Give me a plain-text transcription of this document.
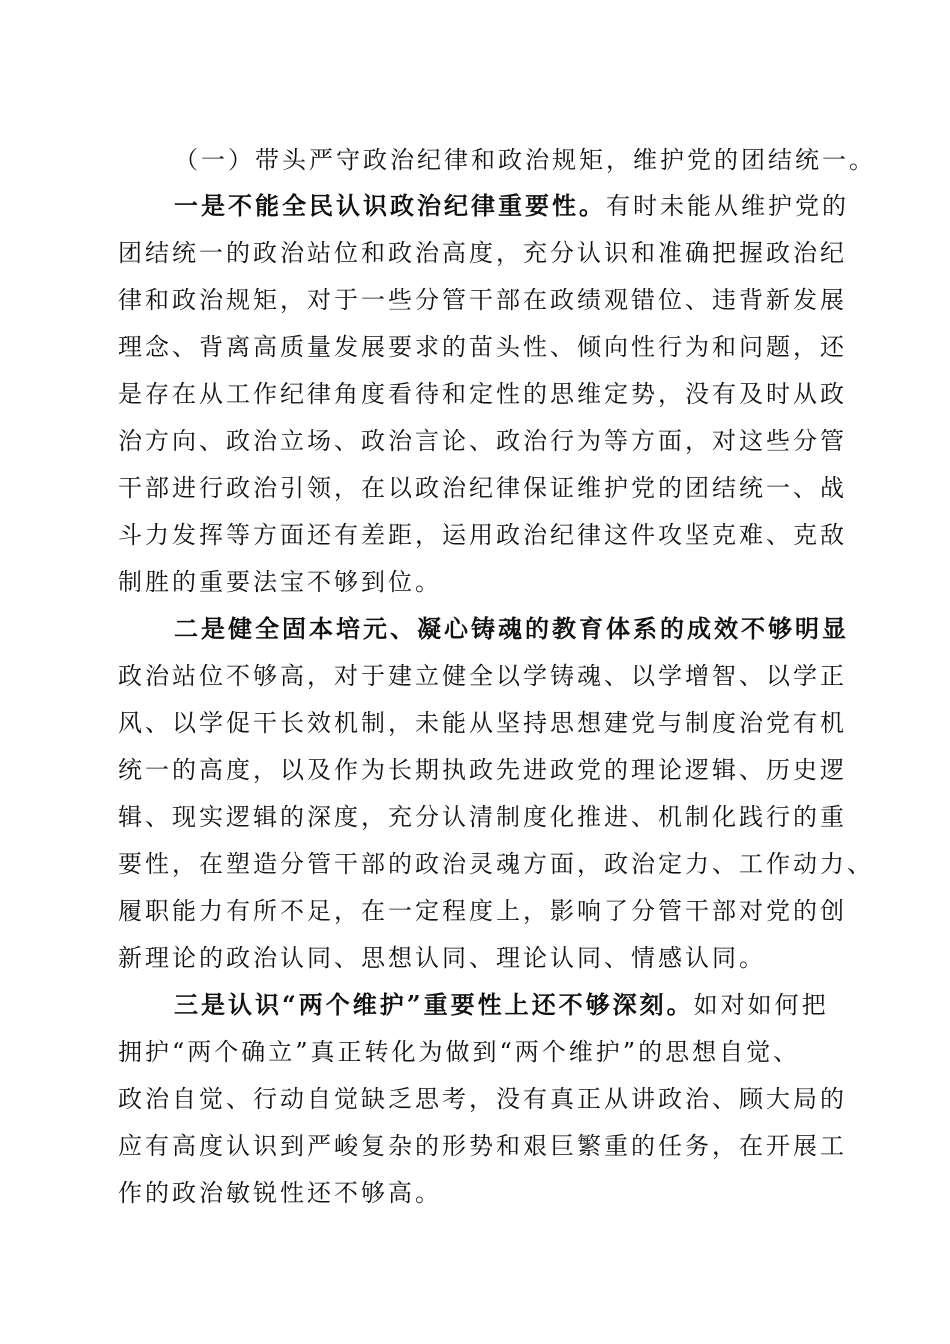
（一）带头严守政治纪律和政治规矩，维护党的团结统一。

一是不能全民认识政治纪律重要性。有时未能从维护党的

团结统一的政治站位和政治高度，充分认识和准确把握政治纪

律和政治规矩，对于一些分管干部在政绩观错位、违背新发展

理念、背离高质量发展要求的苗头性、倾向性行为和问题，还

是存在从工作纪律角度看待和定性的思维定势，没有及时从政

治方向、政治立场、政治言论、政治行为等方面，对这些分管

干部进行政治引领，在以政治纪律保证维护党的团结统一、战

斗力发挥等方面还有差距，运用政治纪律这件攻坚克难、克敌

制胜的重要法宝不够到位。

二是健全固本培元、凝心铸魂的教育体系的成效不够明显

政治站位不够高，对于建立健全以学铸魂、以学增智、以学正

风、以学促干长效机制，未能从坚持思想建党与制度治党有机

统一的高度，以及作为长期执政先进政党的理论逻辑、历史逻

辑、现实逻辑的深度，充分认清制度化推进、机制化践行的重

要性，在塑造分管干部的政治灵魂方面，政治定力、工作动力、

履职能力有所不足，在一定程度上，影响了分管干部对党的创

新理论的政治认同、思想认同、理论认同、情感认同。

三是认识“两个维护”重要性上还不够深刻。如对如何把

拥护“两个确立”真正转化为做到“两个维护”的思想自觉、

政治自觉、行动自觉缺乏思考，没有真正从讲政治、顾大局的

应有高度认识到严峻复杂的形势和艰巨繁重的任务，在开展工

作的政治敏锐性还不够高。
